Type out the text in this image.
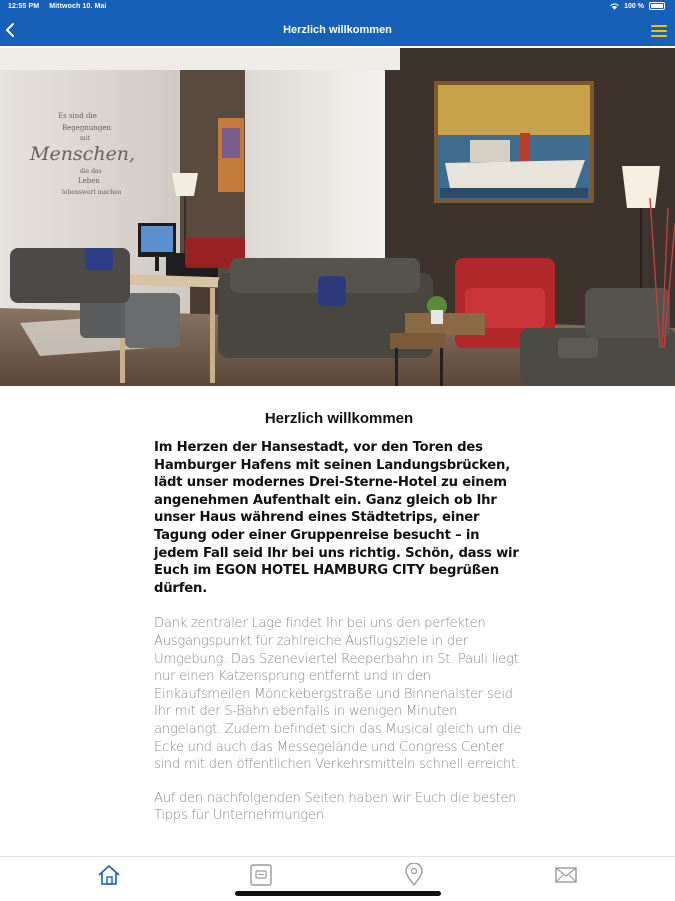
12:55 PM Mittwoch 10. Mai	100 %
Herzlich willkommen
Es sind die
Begegnungen
mit
Menschen,
die das
Leben
lebenswert machen
Herzlich willkommen

Im Herzen der Hansestadt, vor den Toren des Hamburger Hafens mit seinen Landungsbrücken, lädt unser modernes Drei-Sterne-Hotel zu einem angenehmen Aufenthalt ein. Ganz gleich ob Ihr unser Haus während eines Städtetrips, einer Tagung oder einer Gruppenreise besucht – in jedem Fall seid Ihr bei uns richtig. Schön, dass wir Euch im EGON HOTEL HAMBURG CITY begrüßen dürfen.

Dank zentraler Lage findet Ihr bei uns den perfekten Ausgangspunkt für zahlreiche Ausflugsziele in der Umgebung. Das Szeneviertel Reeperbahn in St. Pauli liegt nur einen Katzensprung entfernt und in den Einkaufsmeilen Mönckebergstraße und Binnenalster seid Ihr mit der S-Bahn ebenfalls in wenigen Minuten angelangt. Zudem befindet sich das Musical gleich um die Ecke und auch das Messegelände und Congress Center sind mit den öffentlichen Verkehrsmitteln schnell erreicht.

Auf den nachfolgenden Seiten haben wir Euch die besten Tipps für Unternehmungen
